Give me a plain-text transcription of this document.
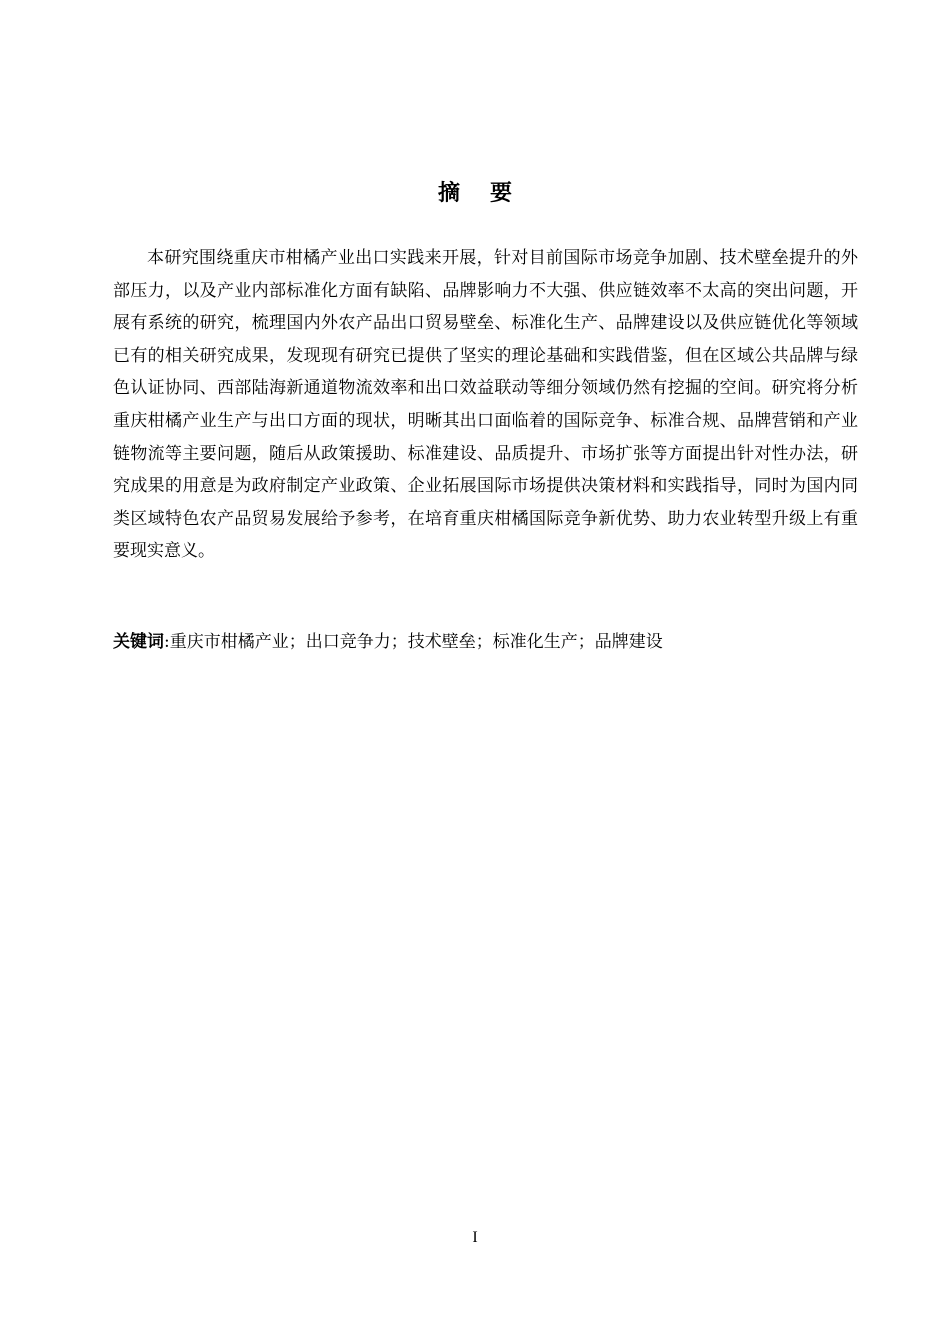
摘要

本研究围绕重庆市柑橘产业出口实践来开展，针对目前国际市场竞争加剧、技术壁垒提升的外部压力，以及产业内部标准化方面有缺陷、品牌影响力不大强、供应链效率不太高的突出问题，开展有系统的研究，梳理国内外农产品出口贸易壁垒、标准化生产、品牌建设以及供应链优化等领域已有的相关研究成果，发现现有研究已提供了坚实的理论基础和实践借鉴，但在区域公共品牌与绿色认证协同、西部陆海新通道物流效率和出口效益联动等细分领域仍然有挖掘的空间。研究将分析重庆柑橘产业生产与出口方面的现状，明晰其出口面临着的国际竞争、标准合规、品牌营销和产业链物流等主要问题，随后从政策援助、标准建设、品质提升、市场扩张等方面提出针对性办法，研究成果的用意是为政府制定产业政策、企业拓展国际市场提供决策材料和实践指导，同时为国内同类区域特色农产品贸易发展给予参考，在培育重庆柑橘国际竞争新优势、助力农业转型升级上有重要现实意义。

关键词:重庆市柑橘产业；出口竞争力；技术壁垒；标准化生产；品牌建设

I
